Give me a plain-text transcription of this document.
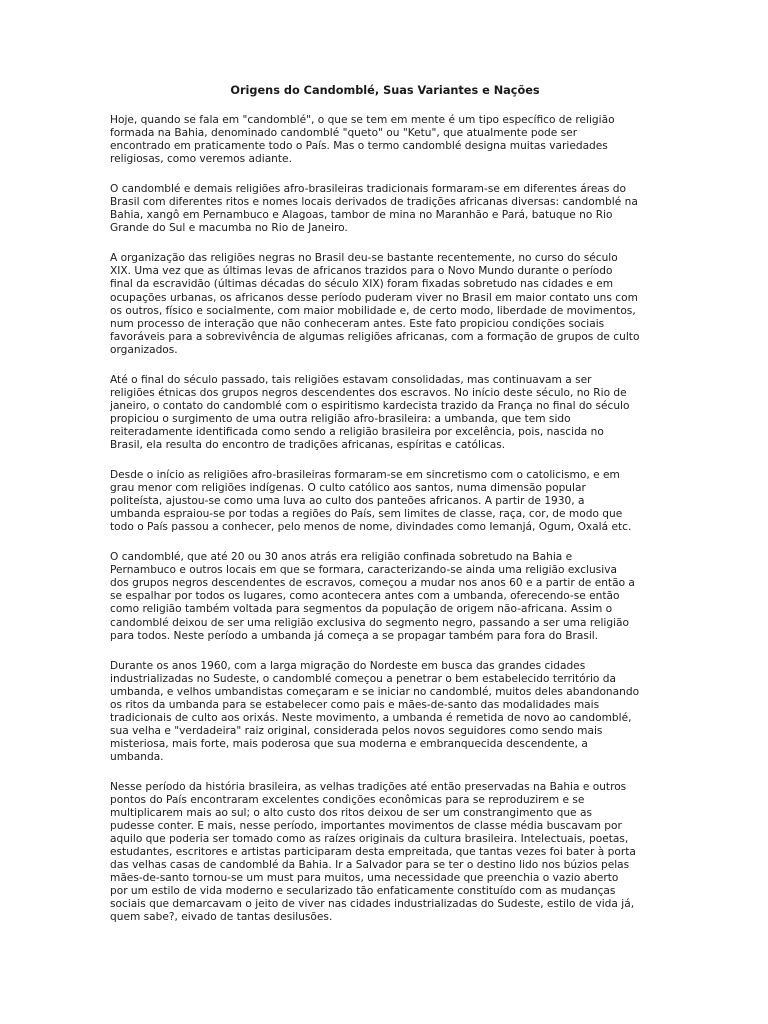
Origens do Candomblé, Suas Variantes e Nações
Hoje, quando se fala em "candomblé", o que se tem em mente é um tipo específico de religião
formada na Bahia, denominado candomblé "queto" ou "Ketu", que atualmente pode ser
encontrado em praticamente todo o País. Mas o termo candomblé designa muitas variedades
religiosas, como veremos adiante.
O candomblé e demais religiões afro-brasileiras tradicionais formaram-se em diferentes áreas do
Brasil com diferentes ritos e nomes locais derivados de tradições africanas diversas: candomblé na
Bahia, xangô em Pernambuco e Alagoas, tambor de mina no Maranhão e Pará, batuque no Rio
Grande do Sul e macumba no Rio de Janeiro.
A organização das religiões negras no Brasil deu-se bastante recentemente, no curso do século
XIX. Uma vez que as últimas levas de africanos trazidos para o Novo Mundo durante o período
final da escravidão (últimas décadas do século XIX) foram fixadas sobretudo nas cidades e em
ocupações urbanas, os africanos desse período puderam viver no Brasil em maior contato uns com
os outros, físico e socialmente, com maior mobilidade e, de certo modo, liberdade de movimentos,
num processo de interação que não conheceram antes. Este fato propiciou condições sociais
favoráveis para a sobrevivência de algumas religiões africanas, com a formação de grupos de culto
organizados.
Até o final do século passado, tais religiões estavam consolidadas, mas continuavam a ser
religiões étnicas dos grupos negros descendentes dos escravos. No início deste século, no Rio de
janeiro, o contato do candomblé com o espiritismo kardecista trazido da França no final do século
propiciou o surgimento de uma outra religião afro-brasileira: a umbanda, que tem sido
reiteradamente identificada como sendo a religião brasileira por excelência, pois, nascida no
Brasil, ela resulta do encontro de tradições africanas, espíritas e católicas.
Desde o início as religiões afro-brasileiras formaram-se em sincretismo com o catolicismo, e em
grau menor com religiões indígenas. O culto católico aos santos, numa dimensão popular
politeísta, ajustou-se como uma luva ao culto dos panteões africanos. A partir de 1930, a
umbanda espraiou-se por todas a regiões do País, sem limites de classe, raça, cor, de modo que
todo o País passou a conhecer, pelo menos de nome, divindades como Iemanjá, Ogum, Oxalá etc.
O candomblé, que até 20 ou 30 anos atrás era religião confinada sobretudo na Bahia e
Pernambuco e outros locais em que se formara, caracterizando-se ainda uma religião exclusiva
dos grupos negros descendentes de escravos, começou a mudar nos anos 60 e a partir de então a
se espalhar por todos os lugares, como acontecera antes com a umbanda, oferecendo-se então
como religião também voltada para segmentos da população de origem não-africana. Assim o
candomblé deixou de ser uma religião exclusiva do segmento negro, passando a ser uma religião
para todos. Neste período a umbanda já começa a se propagar também para fora do Brasil.
Durante os anos 1960, com a larga migração do Nordeste em busca das grandes cidades
industrializadas no Sudeste, o candomblé começou a penetrar o bem estabelecido território da
umbanda, e velhos umbandistas começaram e se iniciar no candomblé, muitos deles abandonando
os ritos da umbanda para se estabelecer como pais e mães-de-santo das modalidades mais
tradicionais de culto aos orixás. Neste movimento, a umbanda é remetida de novo ao candomblé,
sua velha e "verdadeira" raiz original, considerada pelos novos seguidores como sendo mais
misteriosa, mais forte, mais poderosa que sua moderna e embranquecida descendente, a
umbanda.
Nesse período da história brasileira, as velhas tradições até então preservadas na Bahia e outros
pontos do País encontraram excelentes condições econômicas para se reproduzirem e se
multiplicarem mais ao sul; o alto custo dos ritos deixou de ser um constrangimento que as
pudesse conter. E mais, nesse período, importantes movimentos de classe média buscavam por
aquilo que poderia ser tomado como as raízes originais da cultura brasileira. Intelectuais, poetas,
estudantes, escritores e artistas participaram desta empreitada, que tantas vezes foi bater à porta
das velhas casas de candomblé da Bahia. Ir a Salvador para se ter o destino lido nos búzios pelas
mães-de-santo tornou-se um must para muitos, uma necessidade que preenchia o vazio aberto
por um estilo de vida moderno e secularizado tão enfaticamente constituído com as mudanças
sociais que demarcavam o jeito de viver nas cidades industrializadas do Sudeste, estilo de vida já,
quem sabe?, eivado de tantas desilusões.
